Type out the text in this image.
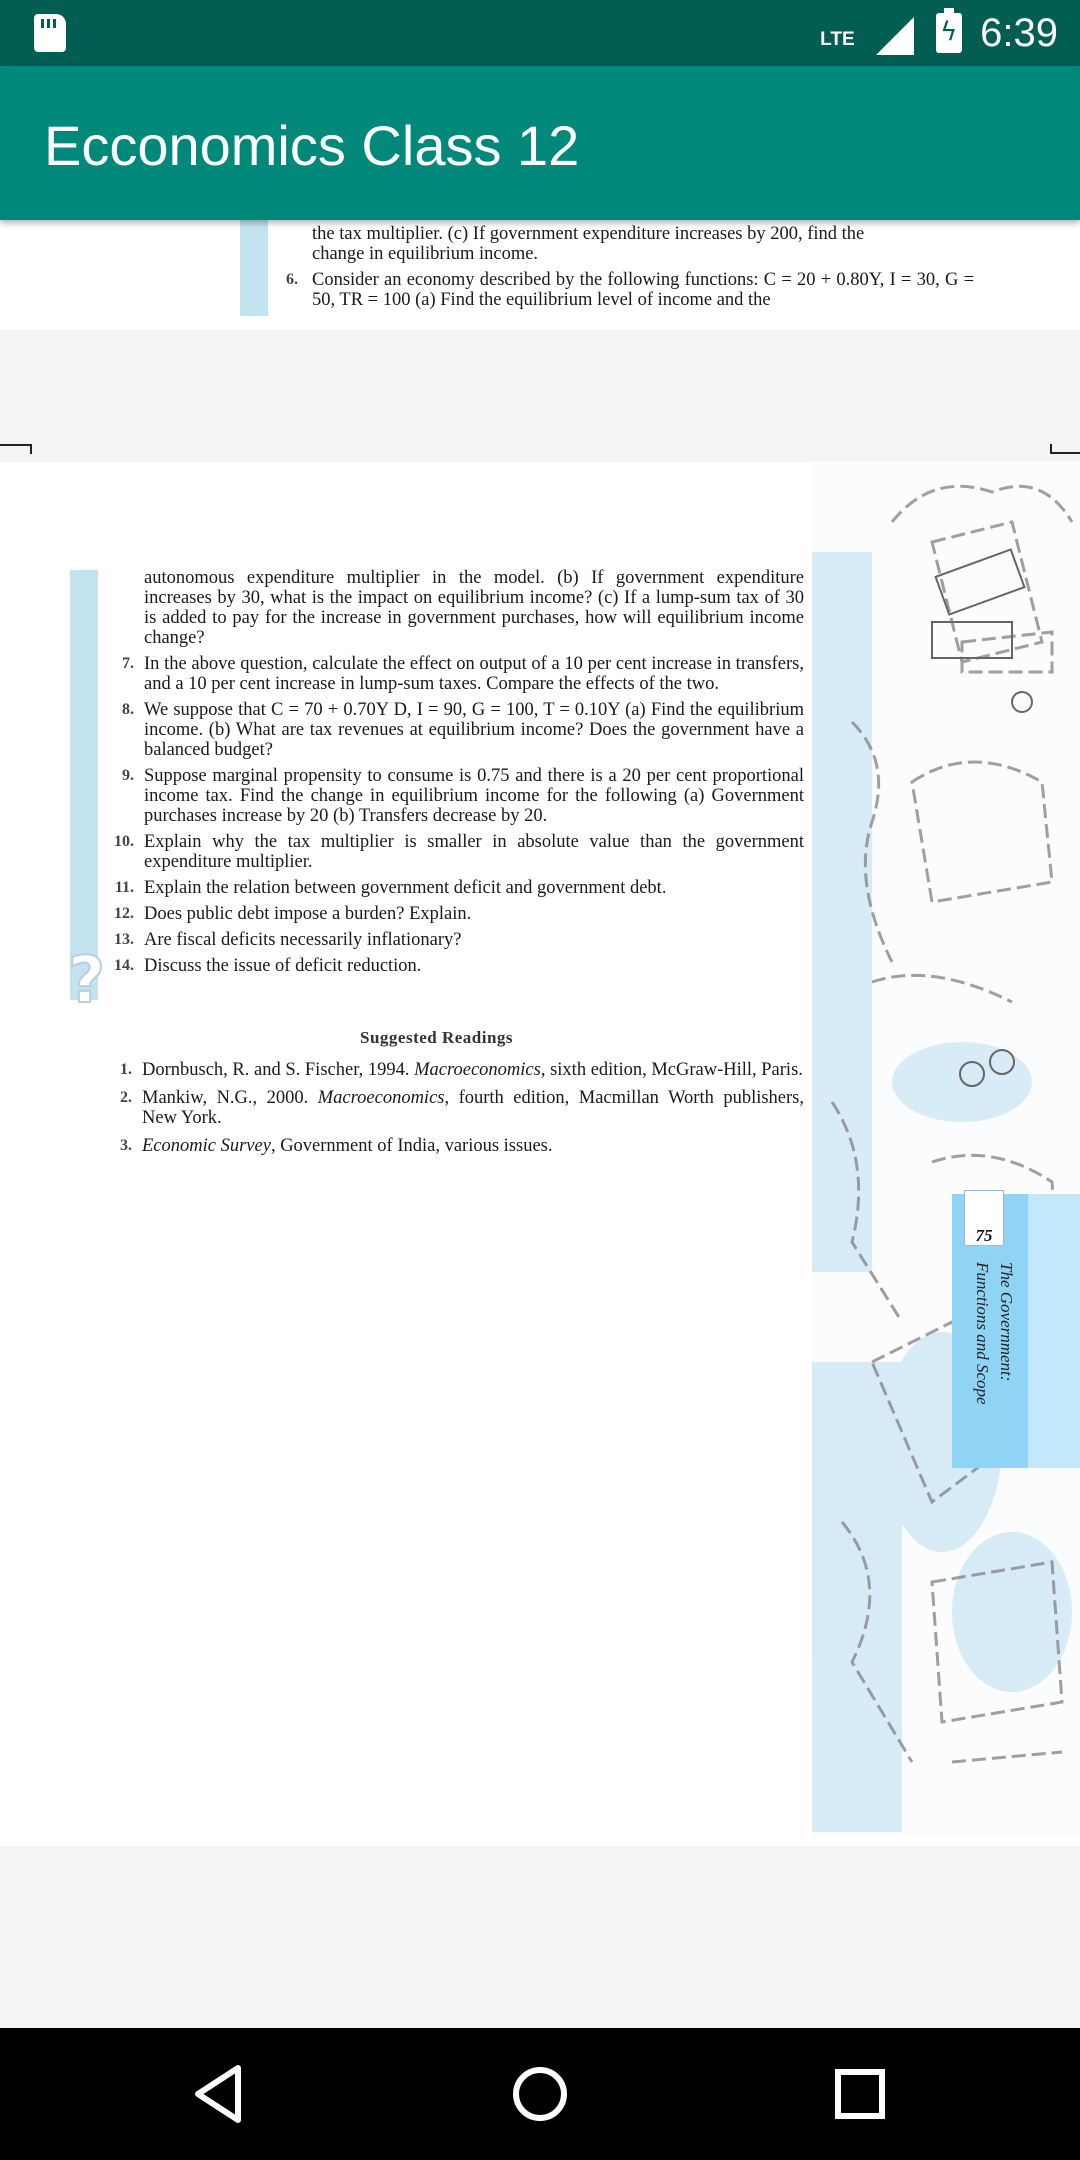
LTE	ϟ 6:39
Ecconomics Class 12
the tax multiplier. (c) If government expenditure increases by 200, find the
change in equilibrium income.
6. Consider an economy described by the following functions: C = 20 + 0.80Y, I = 30, G = 50, TR = 100 (a) Find the equilibrium level of income and the
?
autonomous expenditure multiplier in the model. (b) If government expenditure increases by 30, what is the impact on equilibrium income? (c) If a lump-sum tax of 30 is added to pay for the increase in government purchases, how will equilibrium income change?
7. In the above question, calculate the effect on output of a 10 per cent increase in transfers, and a 10 per cent increase in lump-sum taxes. Compare the effects of the two.
8. We suppose that C = 70 + 0.70Y D, I = 90, G = 100, T = 0.10Y (a) Find the equilibrium income. (b) What are tax revenues at equilibrium income? Does the government have a balanced budget?
9. Suppose marginal propensity to consume is 0.75 and there is a 20 per cent proportional income tax. Find the change in equilibrium income for the following (a) Government purchases increase by 20 (b) Transfers decrease by 20.
10. Explain why the tax multiplier is smaller in absolute value than the government expenditure multiplier.
11. Explain the relation between government deficit and government debt.
12. Does public debt impose a burden? Explain.
13. Are fiscal deficits necessarily inflationary?
14. Discuss the issue of deficit reduction.
Suggested Readings
1. Dornbusch, R. and S. Fischer, 1994. Macroeconomics, sixth edition, McGraw-Hill, Paris.
2. Mankiw, N.G., 2000. Macroeconomics, fourth edition, Macmillan Worth publishers, New York.
3. Economic Survey, Government of India, various issues.
75
The Government:
Functions and Scope
